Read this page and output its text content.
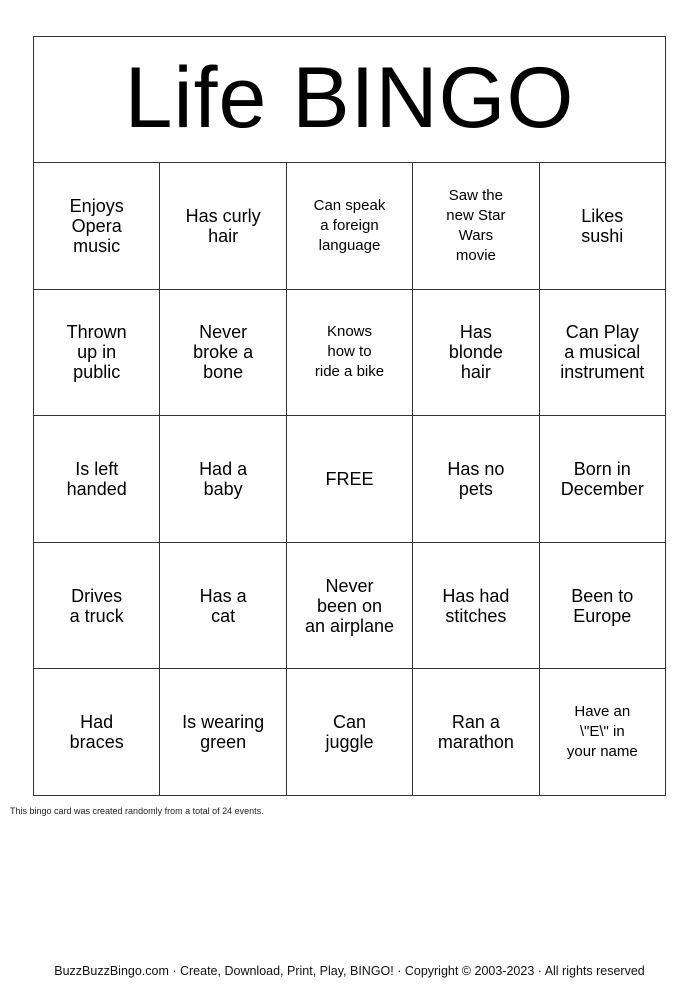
Life BINGO
Enjoys
Opera
music
Has curly
hair
Can speak
a foreign
language
Saw the
new Star
Wars
movie
Likes
sushi
Thrown
up in
public
Never
broke a
bone
Knows
how to
ride a bike
Has
blonde
hair
Can Play
a musical
instrument
Is left
handed
Had a
baby	FREE	Has no
pets
Born in
December
Drives
a truck
Has a
cat
Never
been on
an airplane
Has had
stitches
Been to
Europe
Had
braces
Is wearing
green
Can
juggle
Ran a
marathon
Have an
\"E\" in
your name
This bingo card was created randomly from a total of 24 events.
BuzzBuzzBingo.com · Create, Download, Print, Play, BINGO! · Copyright © 2003-2023 · All rights reserved
